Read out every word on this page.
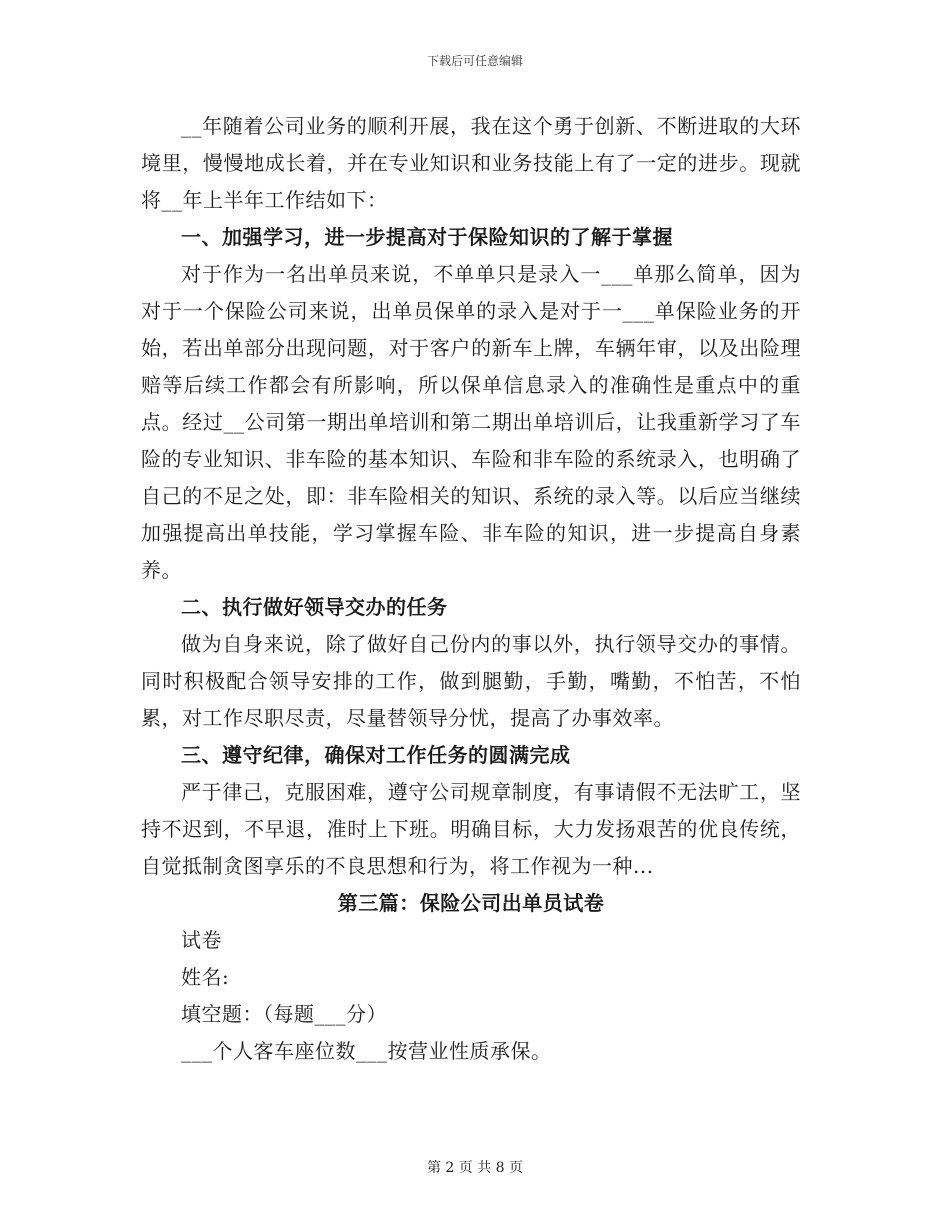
下载后可任意编辑

__年随着公司业务的顺利开展，我在这个勇于创新、不断进取的大环境里，慢慢地成长着，并在专业知识和业务技能上有了一定的进步。现就将__年上半年工作结如下：

一、加强学习，进一步提高对于保险知识的了解于掌握

对于作为一名出单员来说，不单单只是录入一___单那么简单，因为对于一个保险公司来说，出单员保单的录入是对于一___单保险业务的开始，若出单部分出现问题，对于客户的新车上牌，车辆年审，以及出险理赔等后续工作都会有所影响，所以保单信息录入的准确性是重点中的重点。经过__公司第一期出单培训和第二期出单培训后，让我重新学习了车险的专业知识、非车险的基本知识、车险和非车险的系统录入，也明确了自己的不足之处，即：非车险相关的知识、系统的录入等。以后应当继续加强提高出单技能，学习掌握车险、非车险的知识，进一步提高自身素养。

二、执行做好领导交办的任务

做为自身来说，除了做好自己份内的事以外，执行领导交办的事情。同时积极配合领导安排的工作，做到腿勤，手勤，嘴勤，不怕苦，不怕累，对工作尽职尽责，尽量替领导分忧，提高了办事效率。

三、遵守纪律，确保对工作任务的圆满完成

严于律己，克服困难，遵守公司规章制度，有事请假不无法旷工，坚持不迟到，不早退，准时上下班。明确目标，大力发扬艰苦的优良传统，自觉抵制贪图享乐的不良思想和行为，将工作视为一种...

第三篇：保险公司出单员试卷

试卷

姓名:

填空题：（每题___分）

___个人客车座位数___按营业性质承保。

第 2 页 共 8 页
